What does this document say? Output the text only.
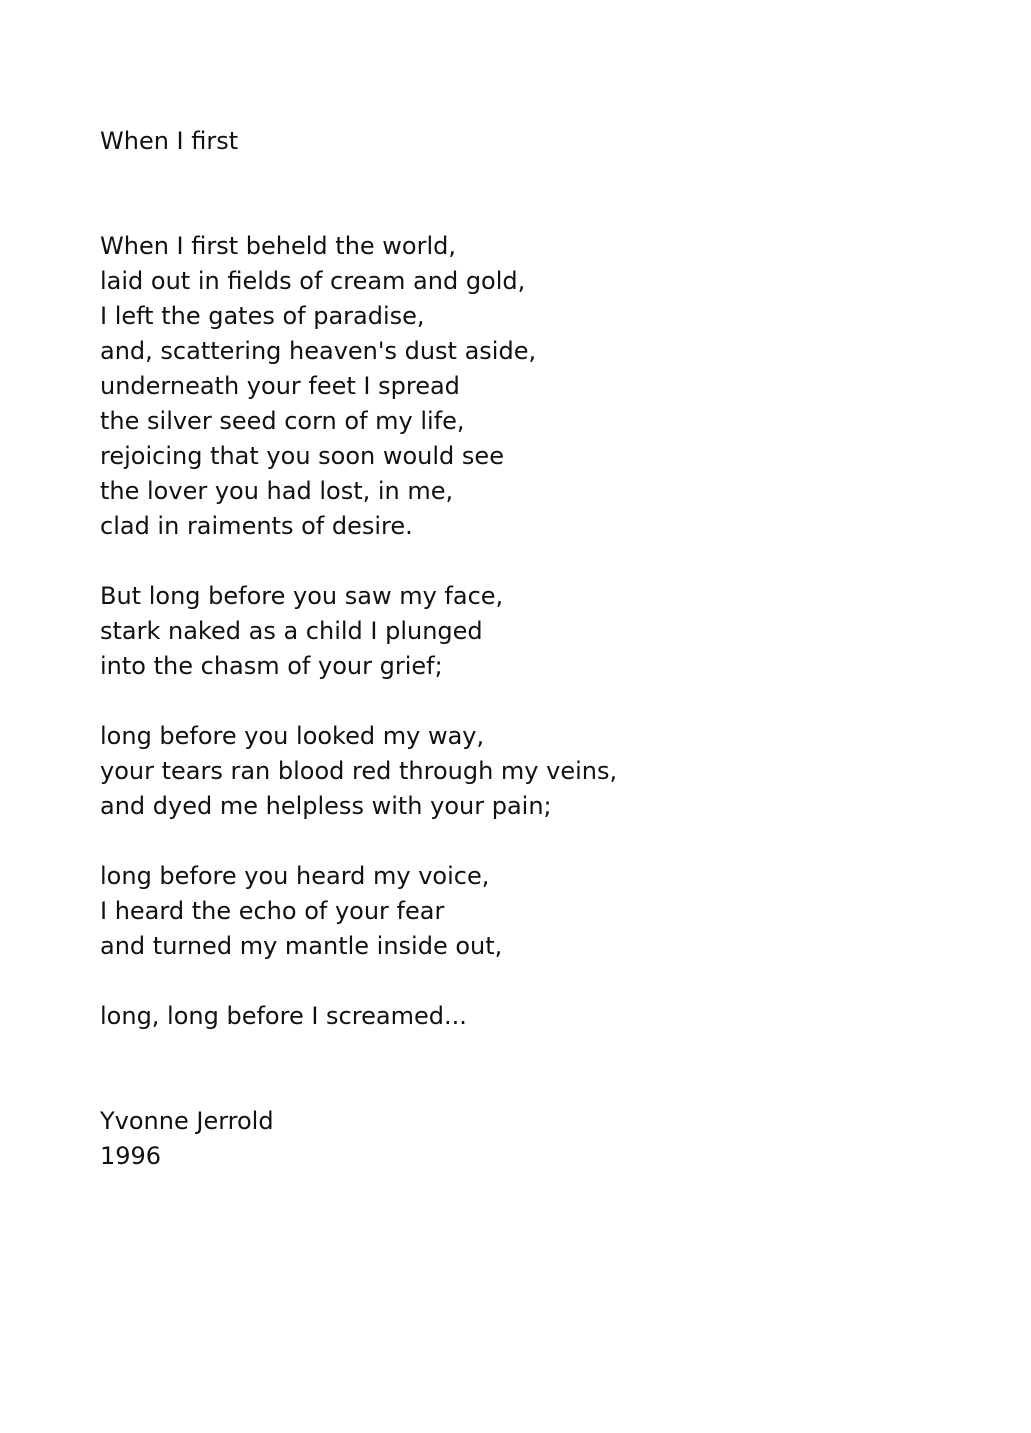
When I first
When I first beheld the world,
laid out in fields of cream and gold,
I left the gates of paradise,
and, scattering heaven's dust aside,
underneath your feet I spread
the silver seed corn of my life,
rejoicing that you soon would see
the lover you had lost, in me,
clad in raiments of desire.
But long before you saw my face,
stark naked as a child I plunged
into the chasm of your grief;
long before you looked my way,
your tears ran blood red through my veins,
and dyed me helpless with your pain;
long before you heard my voice,
I heard the echo of your fear
and turned my mantle inside out,
long, long before I screamed...
Yvonne Jerrold
1996
